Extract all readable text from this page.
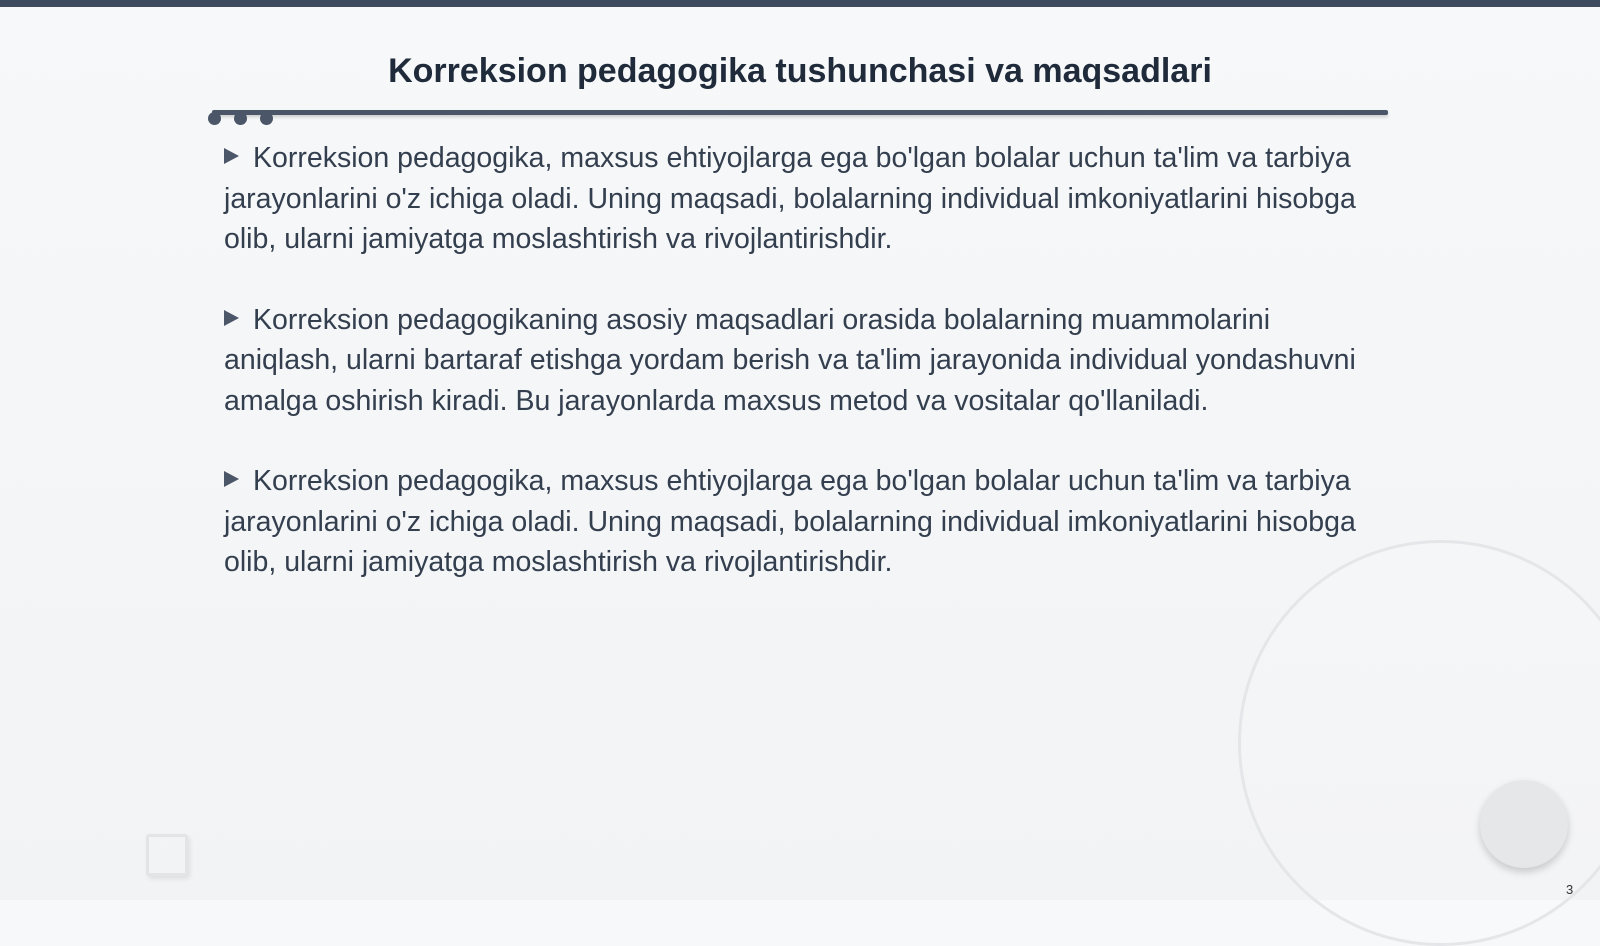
Korreksion pedagogika tushunchasi va maqsadlari
Korreksion pedagogika, maxsus ehtiyojlarga ega bo'lgan bolalar uchun ta'lim va tarbiya jarayonlarini o'z ichiga oladi. Uning maqsadi, bolalarning individual imkoniyatlarini hisobga olib, ularni jamiyatga moslashtirish va rivojlantirishdir.
Korreksion pedagogikaning asosiy maqsadlari orasida bolalarning muammolarini aniqlash, ularni bartaraf etishga yordam berish va ta'lim jarayonida individual yondashuvni amalga oshirish kiradi. Bu jarayonlarda maxsus metod va vositalar qo'llaniladi.
Korreksion pedagogika, maxsus ehtiyojlarga ega bo'lgan bolalar uchun ta'lim va tarbiya jarayonlarini o'z ichiga oladi. Uning maqsadi, bolalarning individual imkoniyatlarini hisobga olib, ularni jamiyatga moslashtirish va rivojlantirishdir.
3
